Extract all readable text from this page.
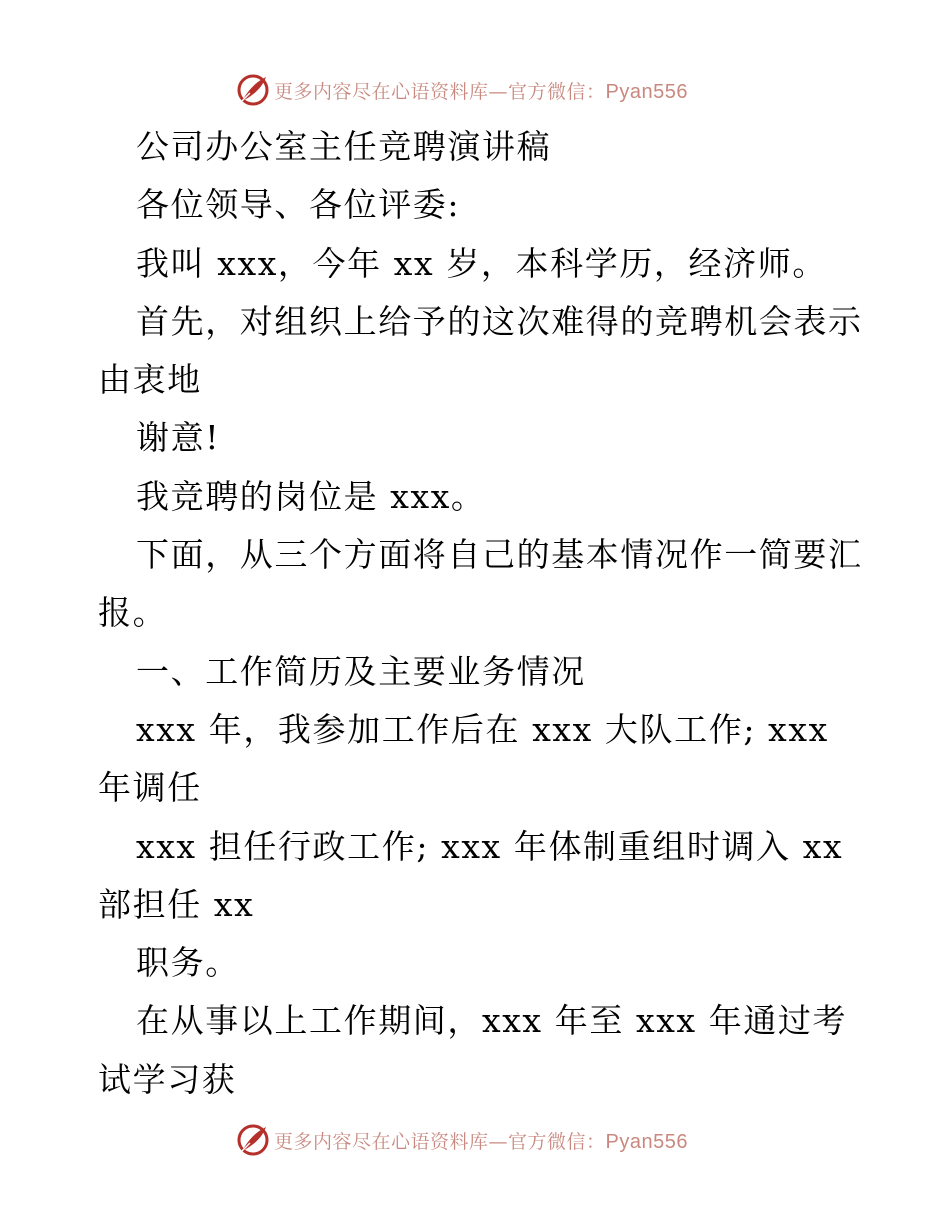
更多内容尽在心语资料库—官方微信：Pyan556

公司办公室主任竞聘演讲稿

各位领导、各位评委:

我叫 xxx，今年 xx 岁，本科学历，经济师。

首先，对组织上给予的这次难得的竞聘机会表示

由衷地

谢意!

我竞聘的岗位是 xxx。

下面，从三个方面将自己的基本情况作一简要汇

报。

一、工作简历及主要业务情况

xxx 年，我参加工作后在 xxx 大队工作; xxx

年调任

xxx 担任行政工作; xxx 年体制重组时调入 xx

部担任 xx

职务。

在从事以上工作期间，xxx 年至 xxx 年通过考

试学习获

更多内容尽在心语资料库—官方微信：Pyan556
